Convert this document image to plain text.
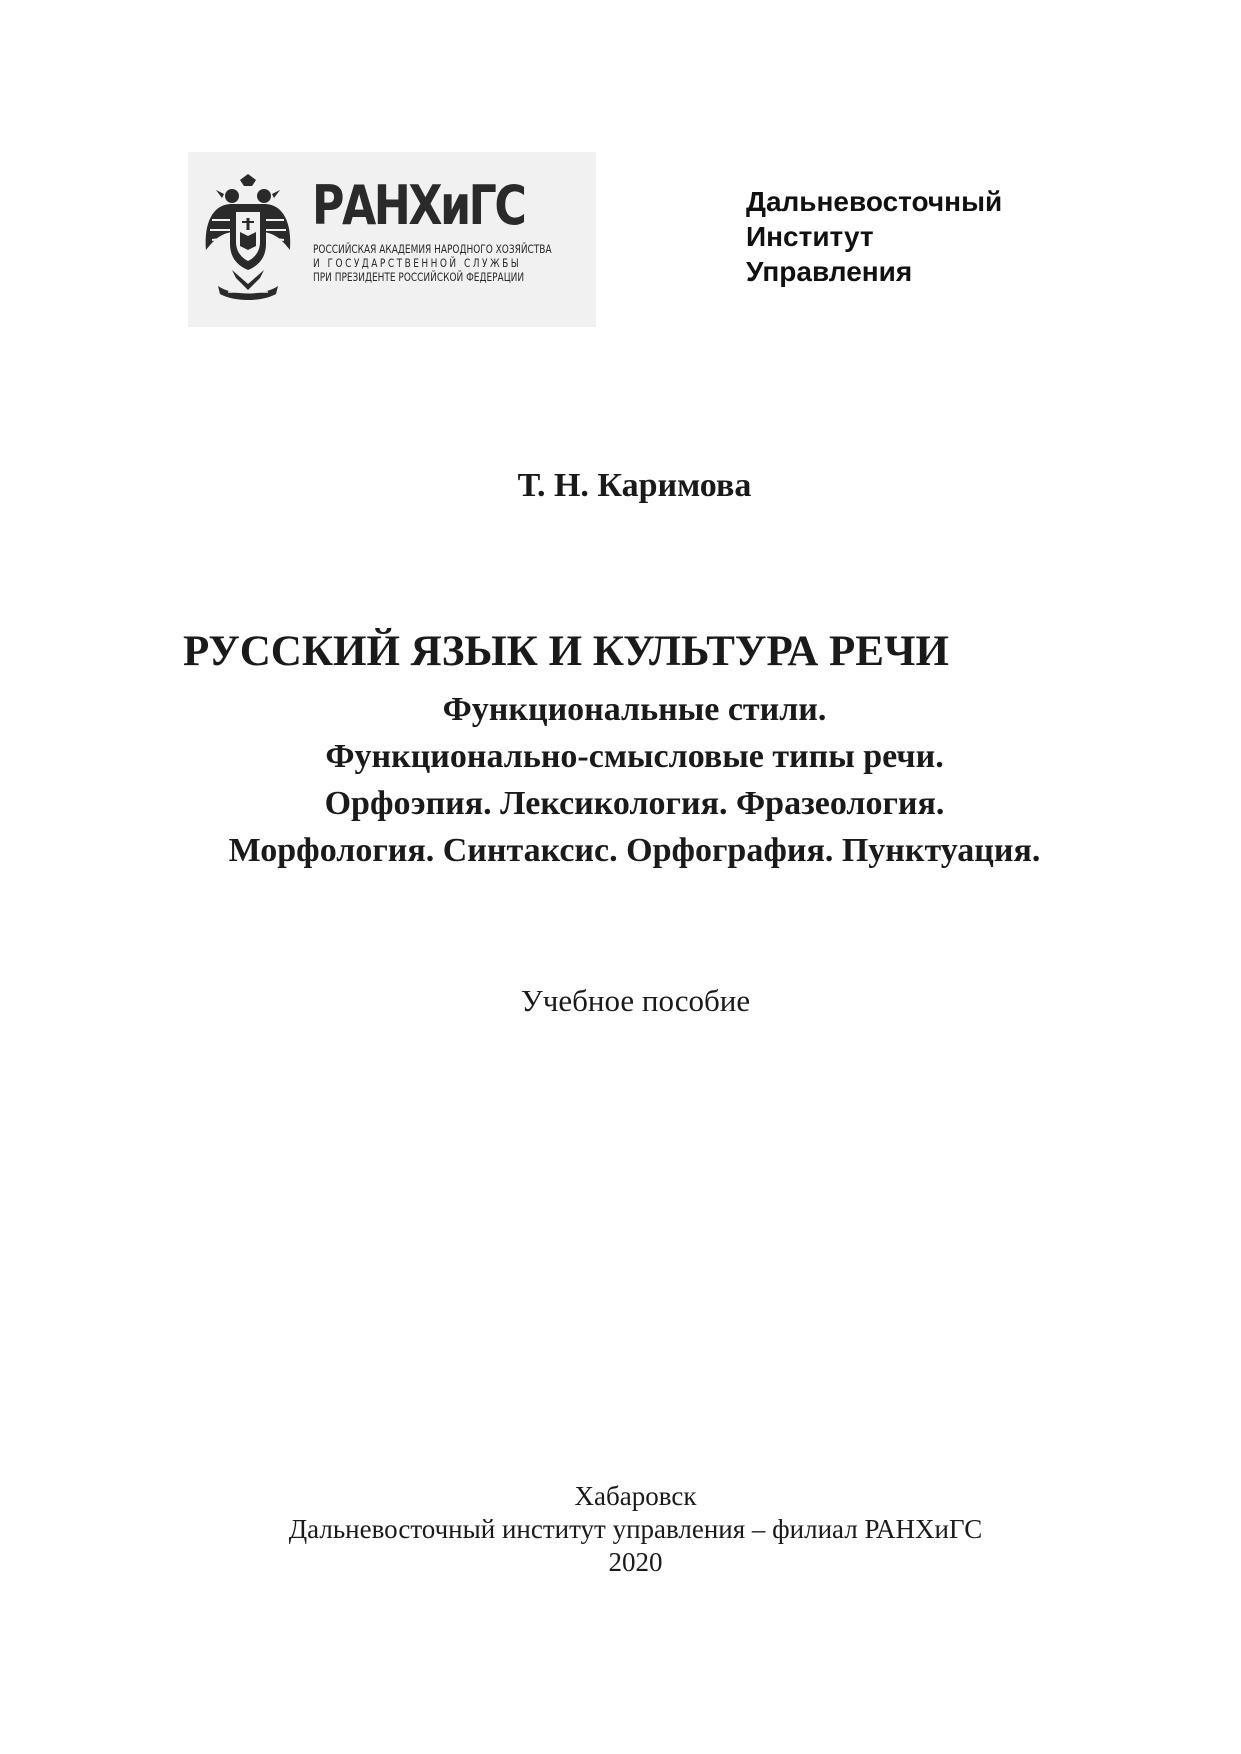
РАНХиГС
РОССИЙСКАЯ АКАДЕМИЯ НАРОДНОГО ХОЗЯЙСТВА
И ГОСУДАРСТВЕННОЙ СЛУЖБЫ
ПРИ ПРЕЗИДЕНТЕ РОССИЙСКОЙ ФЕДЕРАЦИИ
Дальневосточный
Институт
Управления
Т. Н. Каримова
РУССКИЙ ЯЗЫК И КУЛЬТУРА РЕЧИ
Функциональные стили.
Функционально-смысловые типы речи.
Орфоэпия. Лексикология. Фразеология.
Морфология. Синтаксис. Орфография. Пунктуация.
Учебное пособие
Хабаровск
Дальневосточный институт управления – филиал РАНХиГС
2020
